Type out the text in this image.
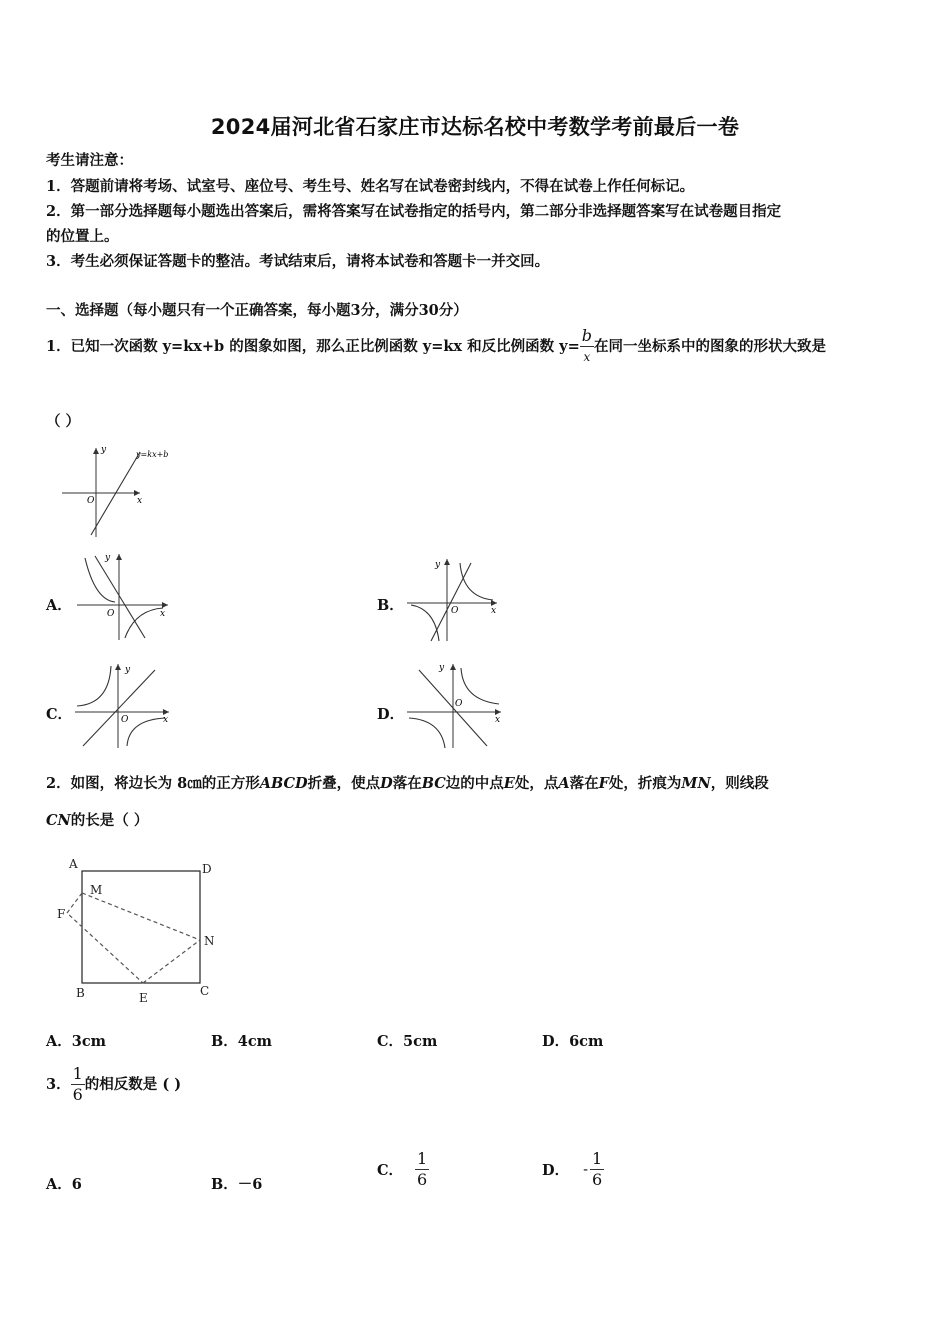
2024届河北省石家庄市达标名校中考数学考前最后一卷
考生请注意：
1．答题前请将考场、试室号、座位号、考生号、姓名写在试卷密封线内，不得在试卷上作任何标记。
2．第一部分选择题每小题选出答案后，需将答案写在试卷指定的括号内，第二部分非选择题答案写在试卷题目指定
的位置上。
3．考生必须保证答题卡的整洁。考试结束后，请将本试卷和答题卡一并交回。
一、选择题（每小题只有一个正确答案，每小题3分，满分30分）
1．已知一次函数 y=kx+b 的图象如图，那么正比例函数 y=kx 和反比例函数 $y= \frac{b}{x}$ 在同一坐标系中的图象的形状大致是
（ ）
y=kx+b
y
x
O
A．
y
x
O	B．
y
x
O
C．
y
x
O	D．
y
x
O
2．如图，将边长为 8㎝的正方形ABCD折叠，使点D落在BC边的中点E处，点A落在F处，折痕为MN，则线段
CN的长是（ ）
A	D
M
F
N
B	E	C
A．3cm	B．4cm	C．5cm	D．6cm
3． $\frac{1}{6}$ 的相反数是 ( )
A．6	B．－6
C． $\frac{1}{6}$	D． - $\frac{1}{6}$
